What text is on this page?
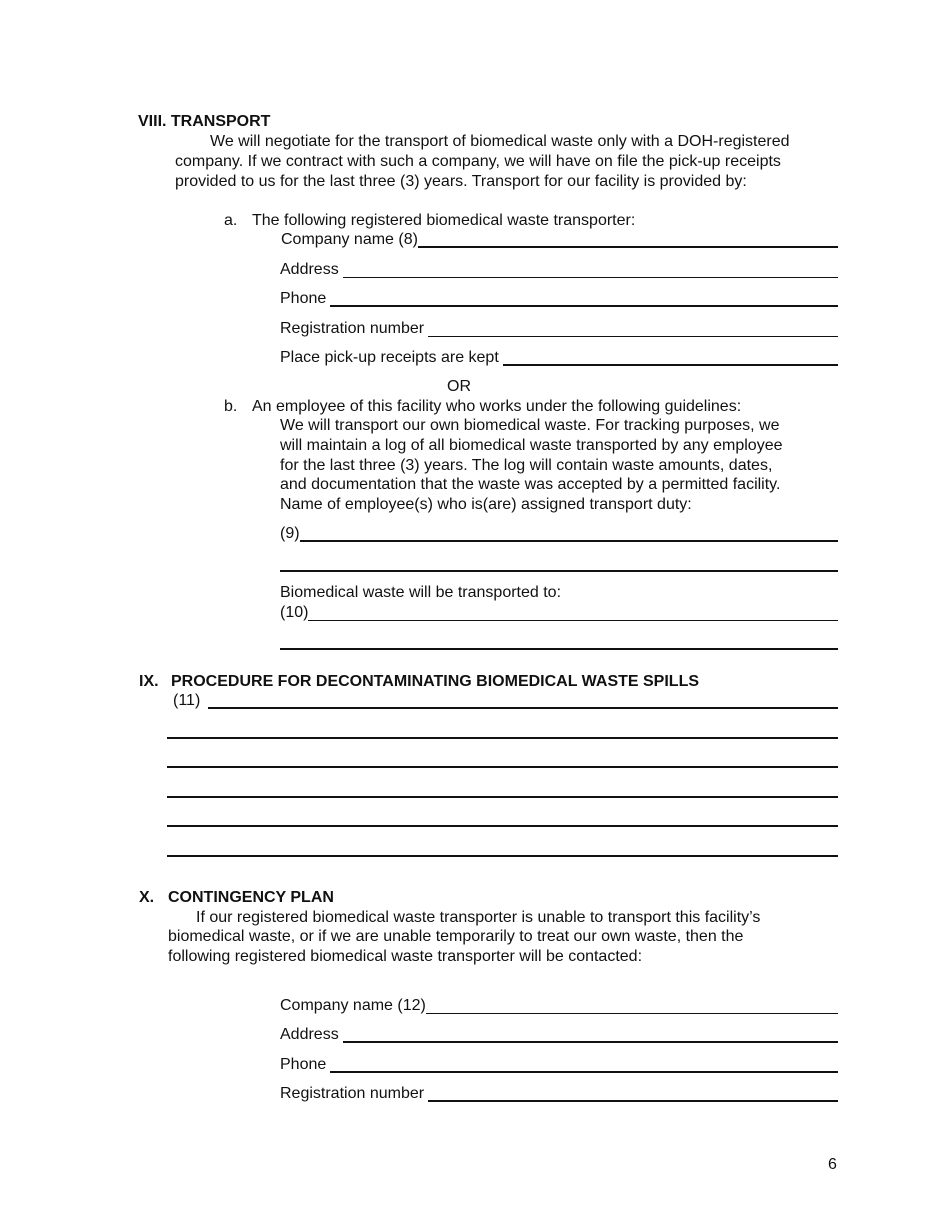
VIII. TRANSPORT
We will negotiate for the transport of biomedical waste only with a DOH-registered
company. If we contract with such a company, we will have on file the pick-up receipts
provided to us for the last three (3) years. Transport for our facility is provided by:
a. The following registered biomedical waste transporter:
Company name (8)
Address
Phone
Registration number
Place pick-up receipts are kept
OR
b. An employee of this facility who works under the following guidelines:
We will transport our own biomedical waste. For tracking purposes, we
will maintain a log of all biomedical waste transported by any employee
for the last three (3) years. The log will contain waste amounts, dates,
and documentation that the waste was accepted by a permitted facility.
Name of employee(s) who is(are) assigned transport duty:
(9)
Biomedical waste will be transported to:
(10)
IX. PROCEDURE FOR DECONTAMINATING BIOMEDICAL WASTE SPILLS
(11)
X. CONTINGENCY PLAN
If our registered biomedical waste transporter is unable to transport this facility’s
biomedical waste, or if we are unable temporarily to treat our own waste, then the
following registered biomedical waste transporter will be contacted:
Company name (12)
Address
Phone
Registration number
6
